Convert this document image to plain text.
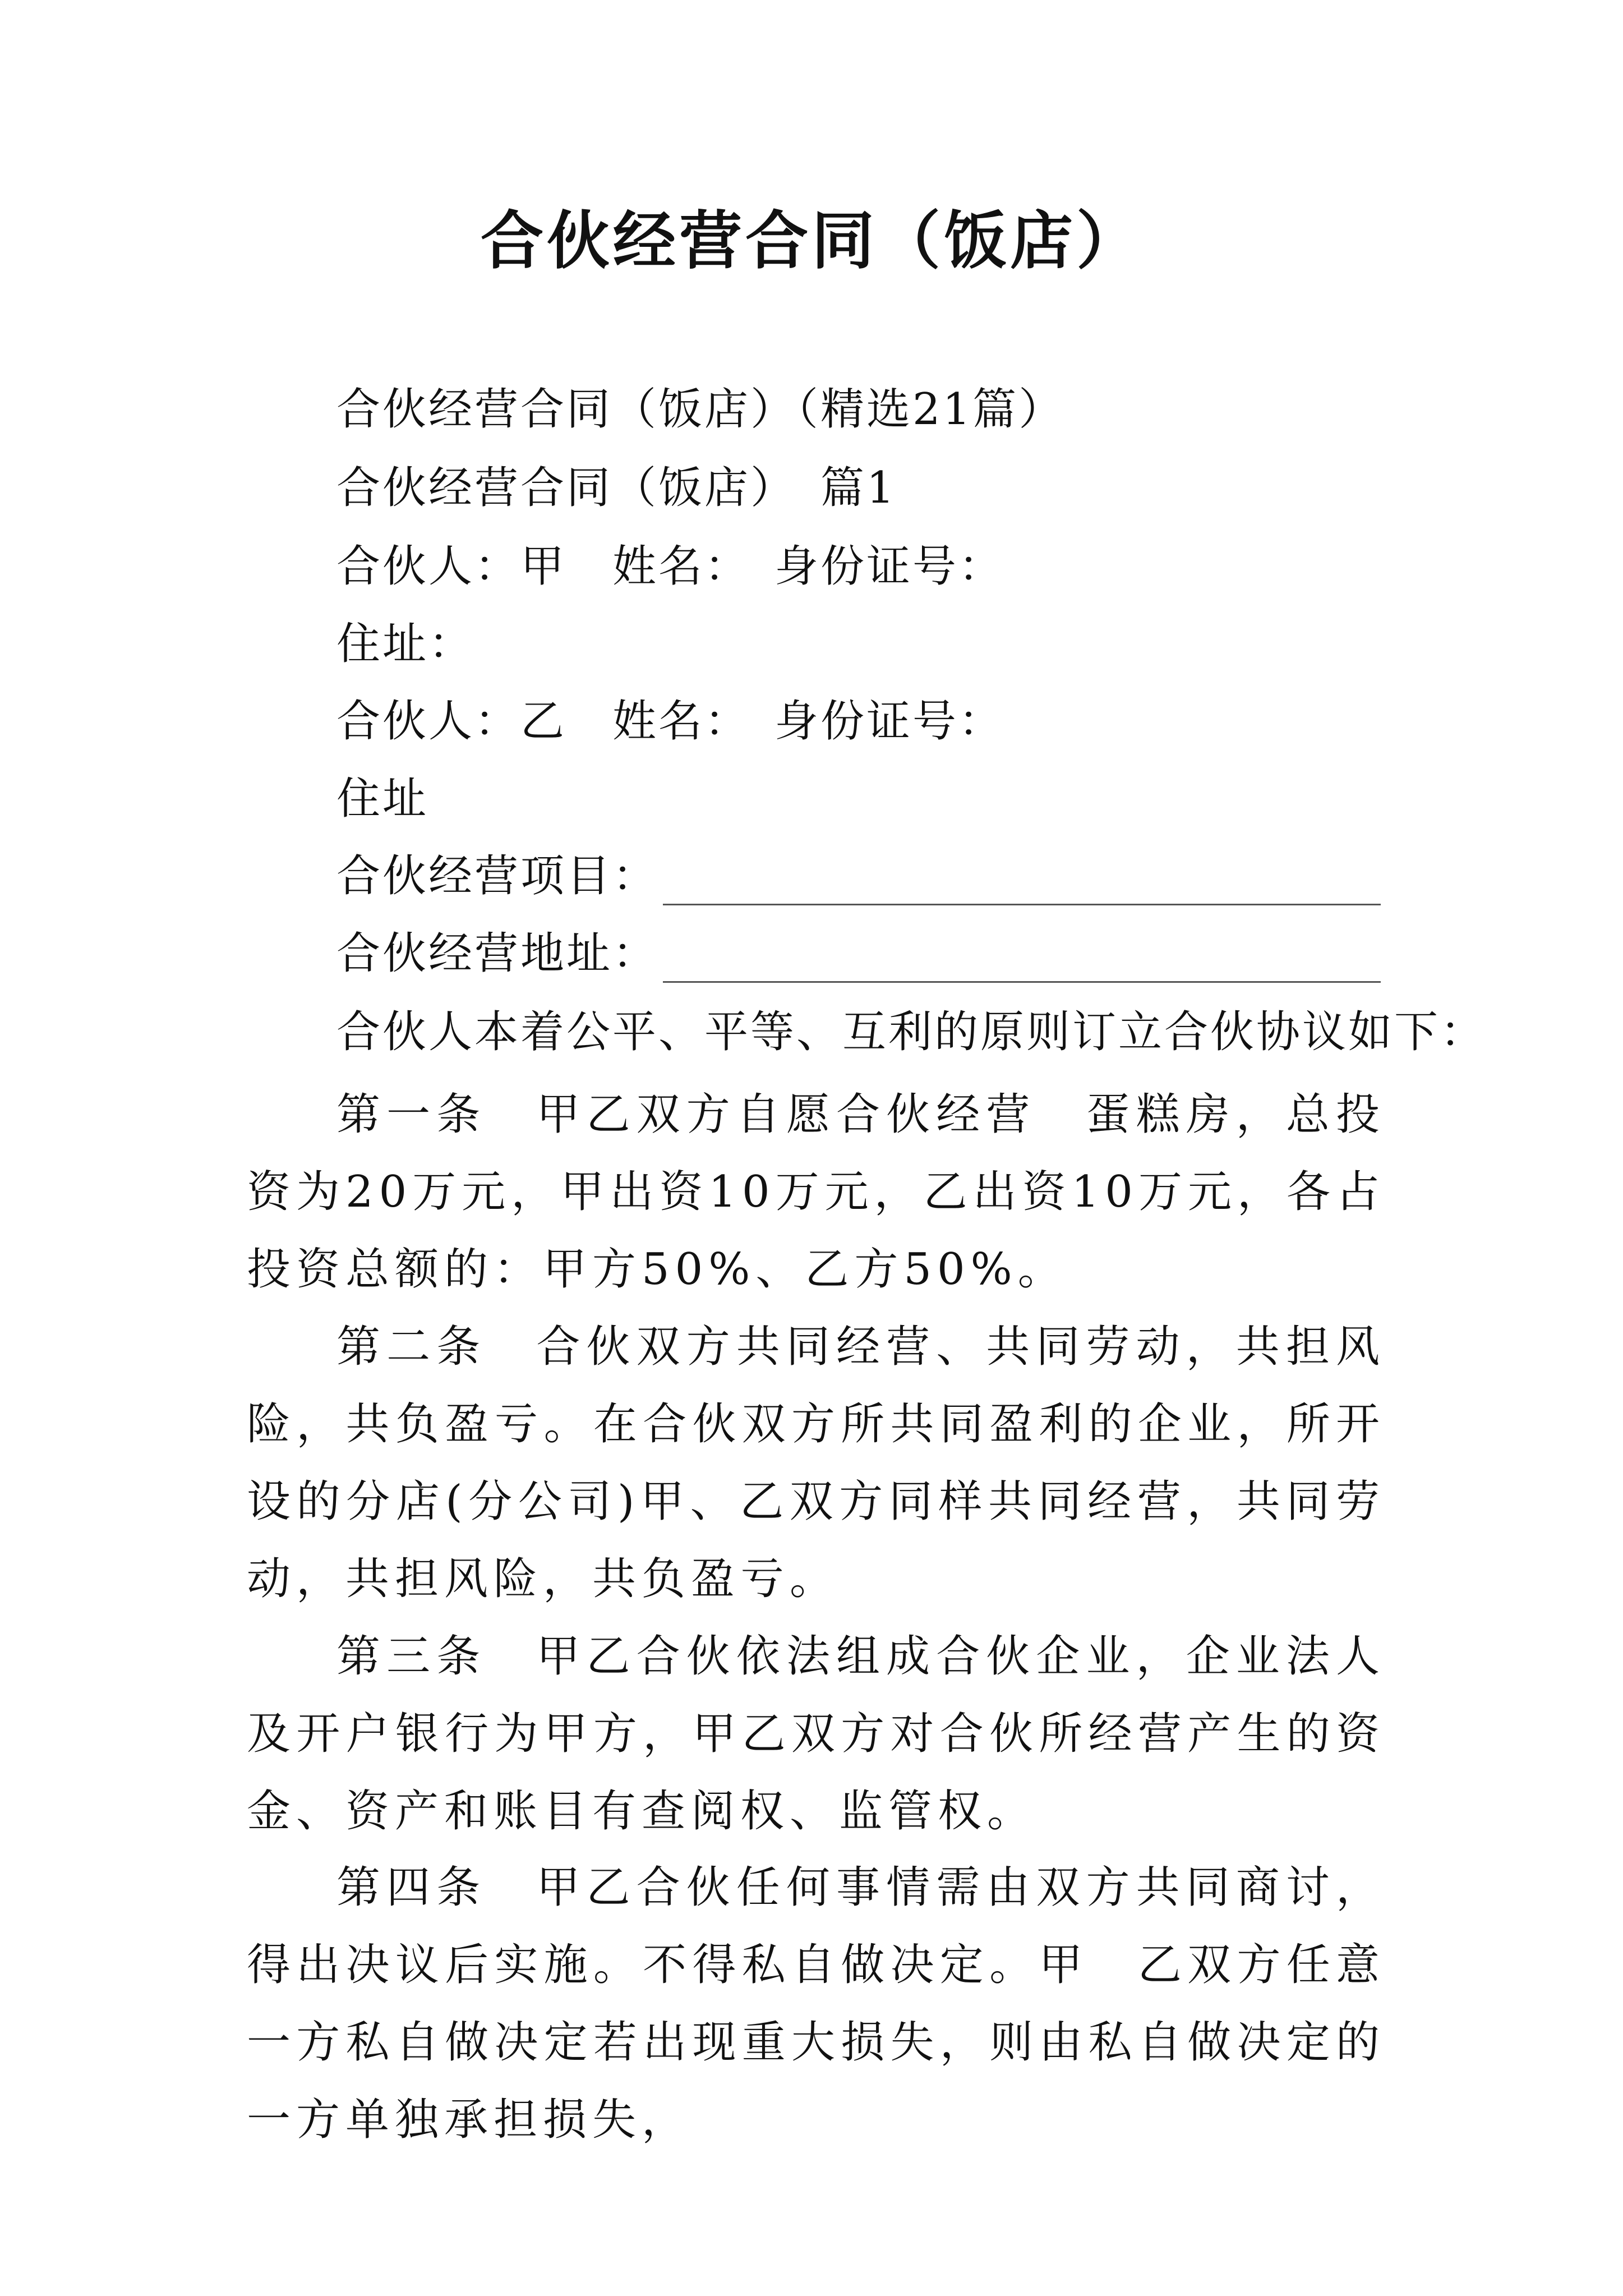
合伙经营合同（饭店）

合伙经营合同（饭店）（精选21篇）

合伙经营合同（饭店）　篇1

合伙人：甲　姓名：　身份证号：

住址：

合伙人：乙　姓名：　身份证号：

住址

合伙经营项目：

合伙经营地址：

合伙人本着公平、平等、互利的原则订立合伙协议如下：

第一条　甲乙双方自愿合伙经营　蛋糕房，总投资为20万元，甲出资10万元，乙出资10万元，各占投资总额的：甲方50%、乙方50%。

第二条　合伙双方共同经营、共同劳动，共担风险，共负盈亏。在合伙双方所共同盈利的企业，所开设的分店(分公司)甲、乙双方同样共同经营，共同劳动，共担风险，共负盈亏。

第三条　甲乙合伙依法组成合伙企业，企业法人及开户银行为甲方，甲乙双方对合伙所经营产生的资金、资产和账目有查阅权、监管权。

第四条　甲乙合伙任何事情需由双方共同商讨，得出决议后实施。不得私自做决定。甲　乙双方任意一方私自做决定若出现重大损失，则由私自做决定的一方单独承担损失，
